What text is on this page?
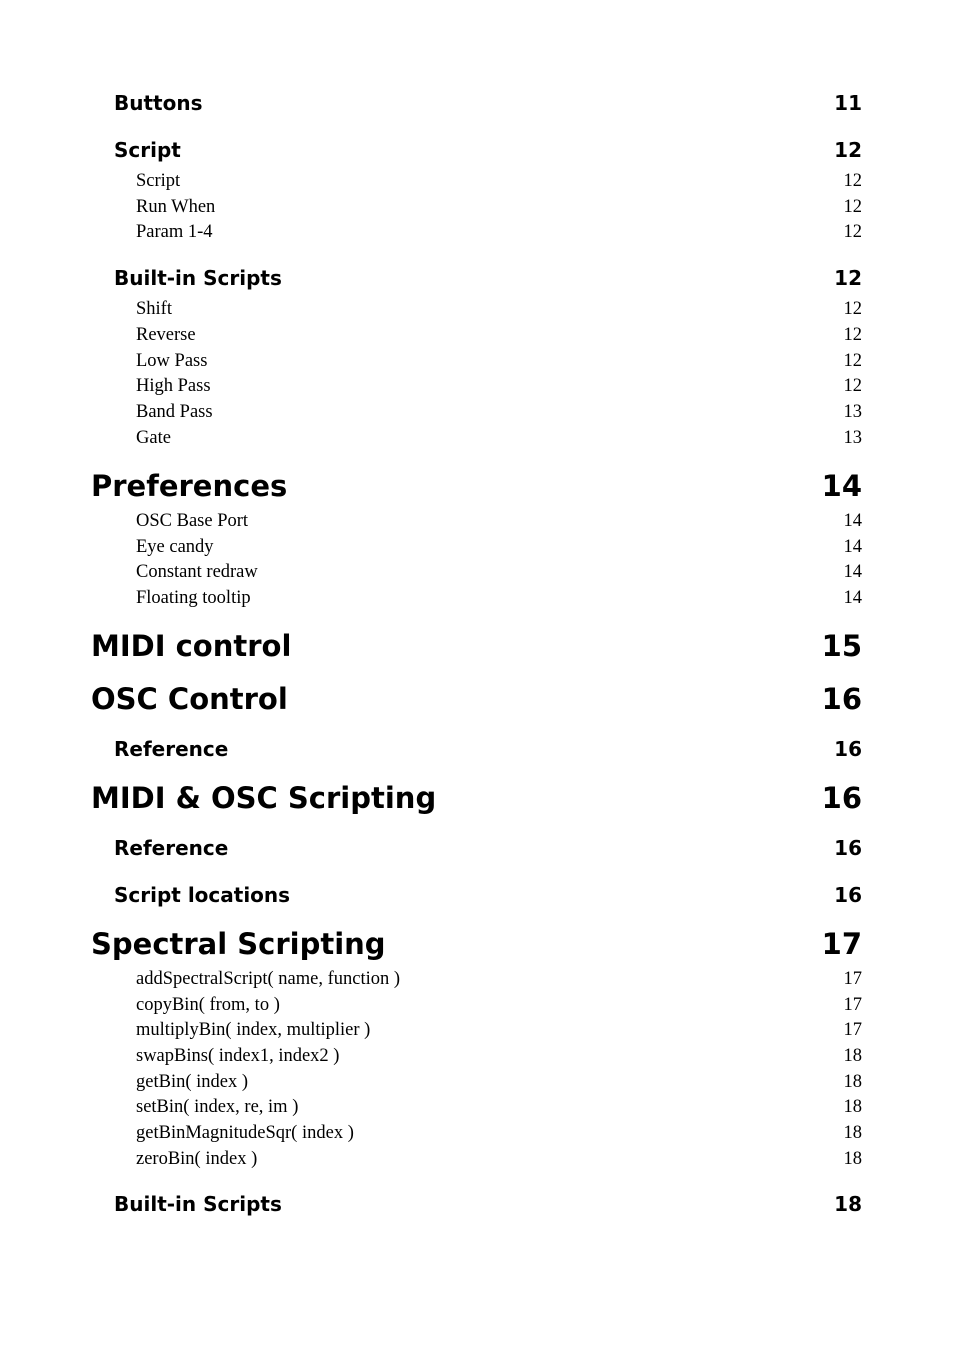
Buttons	11
Script	12
Script	12
Run When	12
Param 1-4	12
Built-in Scripts	12
Shift	12
Reverse	12
Low Pass	12
High Pass	12
Band Pass	13
Gate	13
Preferences	14
OSC Base Port	14
Eye candy	14
Constant redraw	14
Floating tooltip	14
MIDI control	15
OSC Control	16
Reference	16
MIDI & OSC Scripting	16
Reference	16
Script locations	16
Spectral Scripting	17
addSpectralScript( name, function )	17
copyBin( from, to )	17
multiplyBin( index, multiplier )	17
swapBins( index1, index2 )	18
getBin( index )	18
setBin( index, re, im )	18
getBinMagnitudeSqr( index )	18
zeroBin( index )	18
Built-in Scripts	18
